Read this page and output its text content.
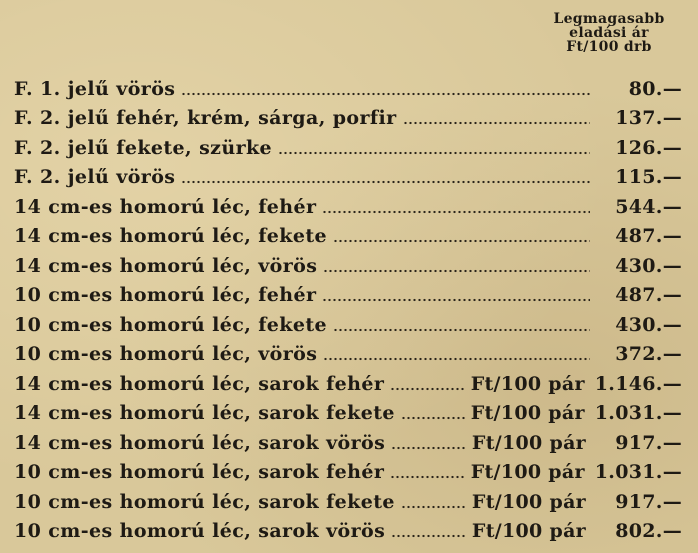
Legmagasabb
eladási ár
Ft/100 drb
F. 1. jelű vörös	80.—
F. 2. jelű fehér, krém, sárga, porfir	137.—
F. 2. jelű fekete, szürke	126.—
F. 2. jelű vörös	115.—
14 cm-es homorú léc, fehér	544.—
14 cm-es homorú léc, fekete	487.—
14 cm-es homorú léc, vörös	430.—
10 cm-es homorú léc, fehér	487.—
10 cm-es homorú léc, fekete	430.—
10 cm-es homorú léc, vörös	372.—
14 cm-es homorú léc, sarok fehér	Ft/100 pár 1.146.—
14 cm-es homorú léc, sarok fekete	Ft/100 pár 1.031.—
14 cm-es homorú léc, sarok vörös	Ft/100 pár	917.—
10 cm-es homorú léc, sarok fehér	Ft/100 pár 1.031.—
10 cm-es homorú léc, sarok fekete	Ft/100 pár	917.—
10 cm-es homorú léc, sarok vörös	Ft/100 pár	802.—
